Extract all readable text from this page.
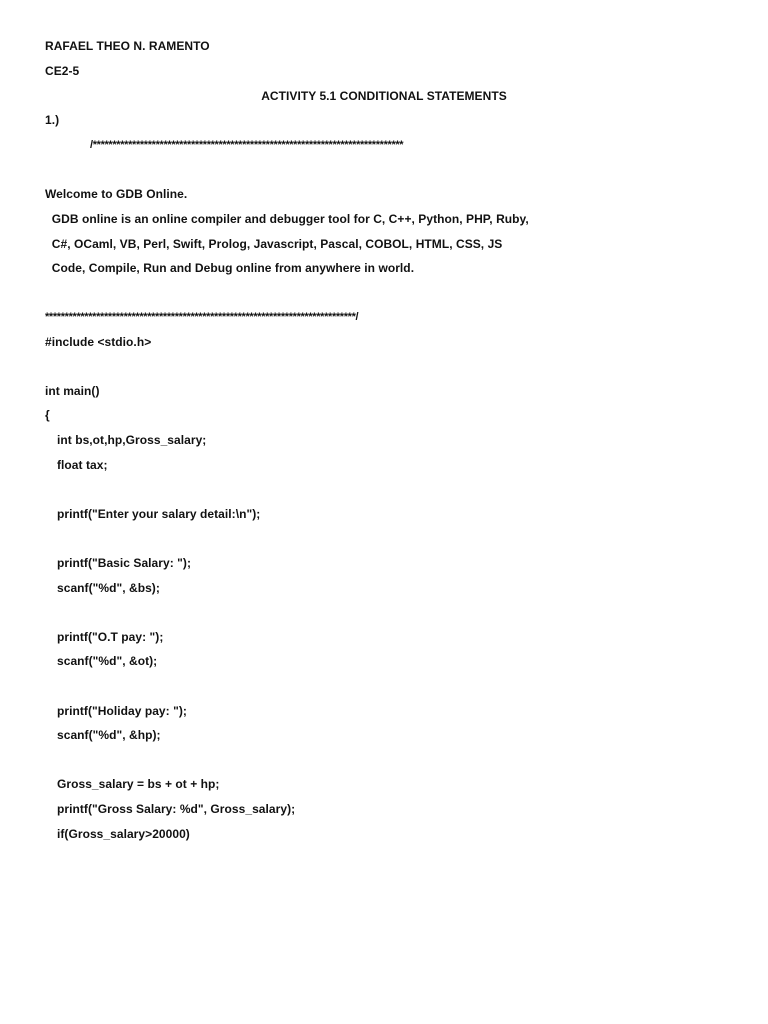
RAFAEL THEO N. RAMENTO
CE2-5
ACTIVITY 5.1 CONDITIONAL STATEMENTS
1.)
/*******************************************************************************
Welcome to GDB Online.
GDB online is an online compiler and debugger tool for C, C++, Python, PHP, Ruby,
C#, OCaml, VB, Perl, Swift, Prolog, Javascript, Pascal, COBOL, HTML, CSS, JS
Code, Compile, Run and Debug online from anywhere in world.
*******************************************************************************/
#include <stdio.h>
int main()
{
int bs,ot,hp,Gross_salary;
float tax;
printf("Enter your salary detail:\n");
printf("Basic Salary: ");
scanf("%d", &bs);
printf("O.T pay: ");
scanf("%d", &ot);
printf("Holiday pay: ");
scanf("%d", &hp);
Gross_salary = bs + ot + hp;
printf("Gross Salary: %d", Gross_salary);
if(Gross_salary>20000)
